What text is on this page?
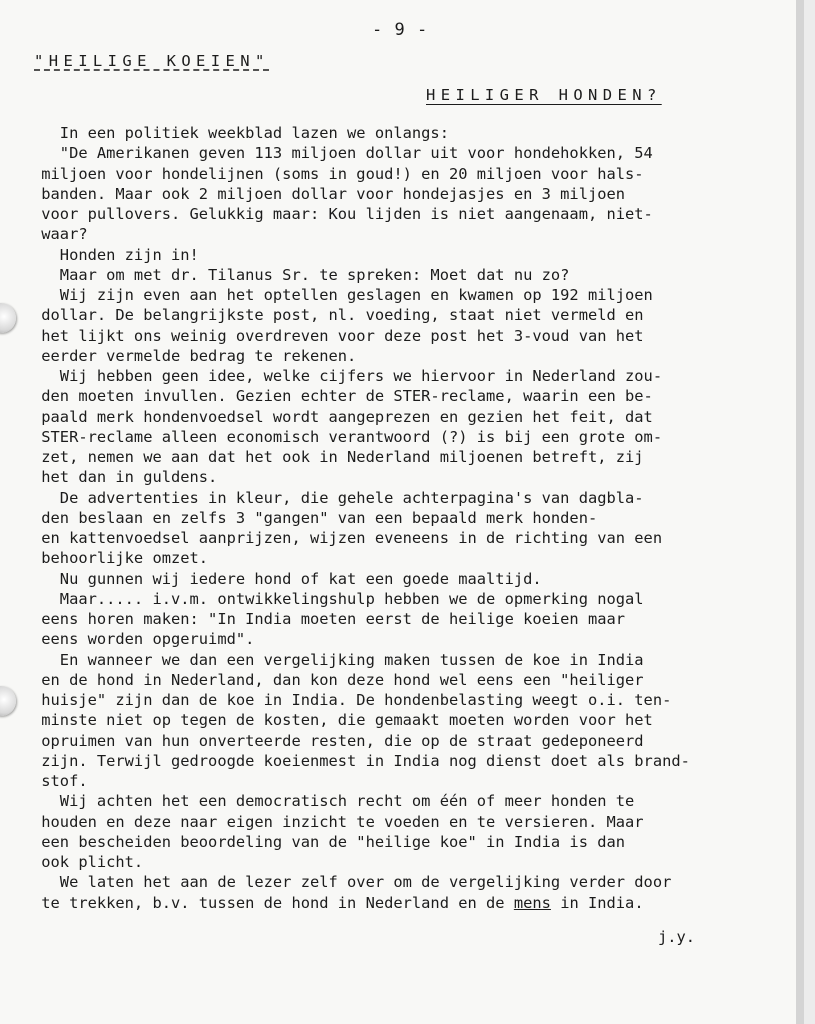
- 9 -
"HEILIGE KOEIEN"
HEILIGER HONDEN?
In een politiek weekblad lazen we onlangs:
"De Amerikanen geven 113 miljoen dollar uit voor hondehokken, 54
miljoen voor hondelijnen (soms in goud!) en 20 miljoen voor hals-
banden. Maar ook 2 miljoen dollar voor hondejasjes en 3 miljoen
voor pullovers. Gelukkig maar: Kou lijden is niet aangenaam, niet-
waar?
Honden zijn in!
Maar om met dr. Tilanus Sr. te spreken: Moet dat nu zo?
Wij zijn even aan het optellen geslagen en kwamen op 192 miljoen
dollar. De belangrijkste post, nl. voeding, staat niet vermeld en
het lijkt ons weinig overdreven voor deze post het 3-voud van het
eerder vermelde bedrag te rekenen.
Wij hebben geen idee, welke cijfers we hiervoor in Nederland zou-
den moeten invullen. Gezien echter de STER-reclame, waarin een be-
paald merk hondenvoedsel wordt aangeprezen en gezien het feit, dat
STER-reclame alleen economisch verantwoord (?) is bij een grote om-
zet, nemen we aan dat het ook in Nederland miljoenen betreft, zij
het dan in guldens.
De advertenties in kleur, die gehele achterpagina's van dagbla-
den beslaan en zelfs 3 "gangen" van een bepaald merk honden-
en kattenvoedsel aanprijzen, wijzen eveneens in de richting van een
behoorlijke omzet.
Nu gunnen wij iedere hond of kat een goede maaltijd.
Maar..... i.v.m. ontwikkelingshulp hebben we de opmerking nogal
eens horen maken: "In India moeten eerst de heilige koeien maar
eens worden opgeruimd".
En wanneer we dan een vergelijking maken tussen de koe in India
en de hond in Nederland, dan kon deze hond wel eens een "heiliger
huisje" zijn dan de koe in India. De hondenbelasting weegt o.i. ten-
minste niet op tegen de kosten, die gemaakt moeten worden voor het
opruimen van hun onverteerde resten, die op de straat gedeponeerd
zijn. Terwijl gedroogde koeienmest in India nog dienst doet als brand-
stof.
Wij achten het een democratisch recht om één of meer honden te
houden en deze naar eigen inzicht te voeden en te versieren. Maar
een bescheiden beoordeling van de "heilige koe" in India is dan
ook plicht.
We laten het aan de lezer zelf over om de vergelijking verder door
te trekken, b.v. tussen de hond in Nederland en de mens in India.
j.y.
